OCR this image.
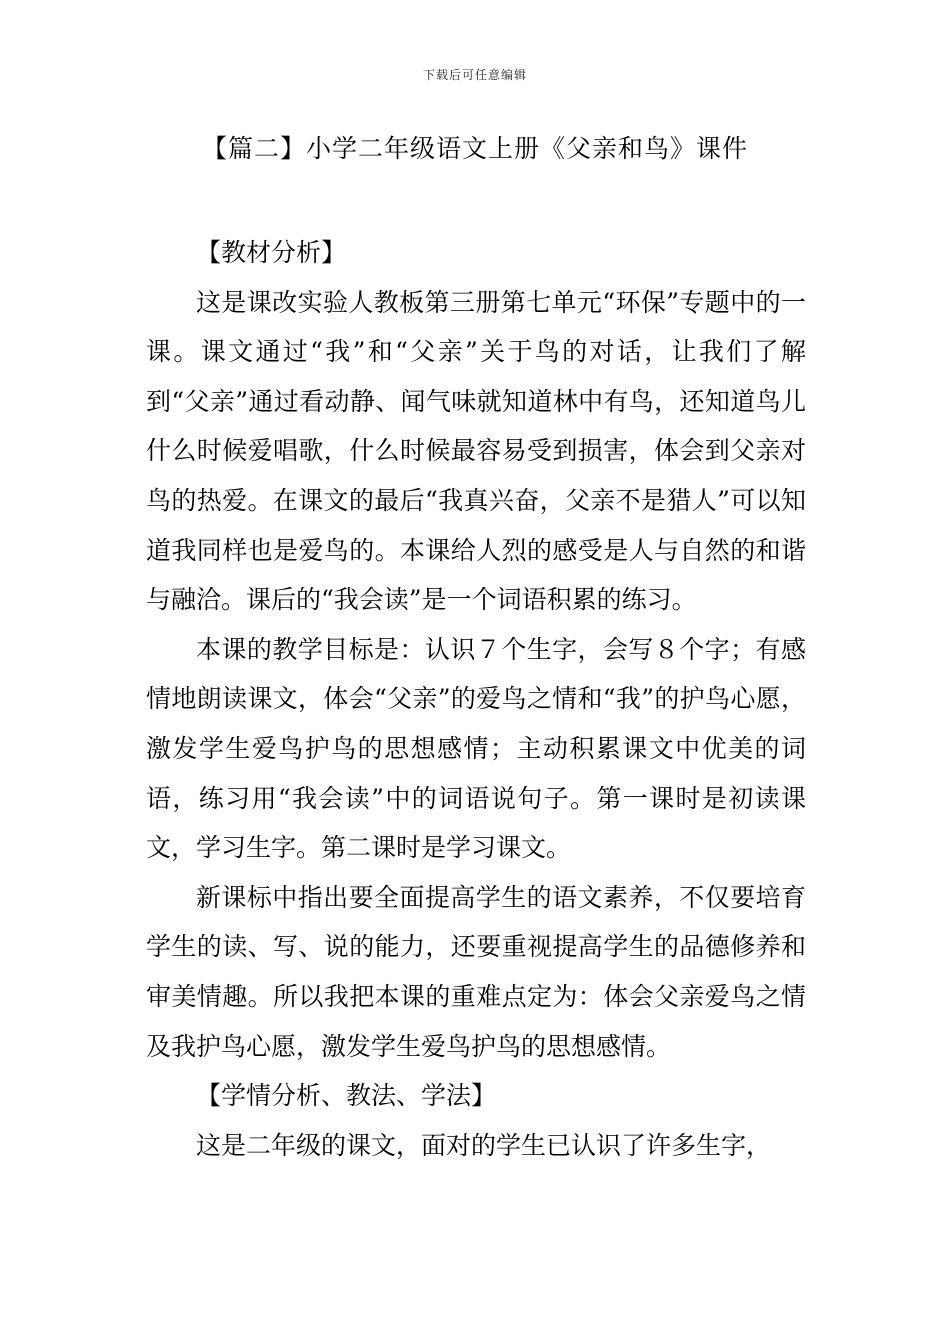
下载后可任意编辑
【篇二】小学二年级语文上册《父亲和鸟》课件

【教材分析】

这是课改实验人教板第三册第七单元“环保”专题中的一课。课文通过“我”和“父亲”关于鸟的对话，让我们了解到“父亲”通过看动静、闻气味就知道林中有鸟，还知道鸟儿什么时候爱唱歌，什么时候最容易受到损害，体会到父亲对鸟的热爱。在课文的最后“我真兴奋，父亲不是猎人”可以知道我同样也是爱鸟的。本课给人烈的感受是人与自然的和谐与融洽。课后的“我会读”是一个词语积累的练习。

本课的教学目标是：认识７个生字，会写８个字；有感情地朗读课文，体会“父亲”的爱鸟之情和“我”的护鸟心愿，激发学生爱鸟护鸟的思想感情；主动积累课文中优美的词语，练习用“我会读”中的词语说句子。第一课时是初读课文，学习生字。第二课时是学习课文。

新课标中指出要全面提高学生的语文素养，不仅要培育学生的读、写、说的能力，还要重视提高学生的品德修养和审美情趣。所以我把本课的重难点定为：体会父亲爱鸟之情及我护鸟心愿，激发学生爱鸟护鸟的思想感情。

【学情分析、教法、学法】

这是二年级的课文，面对的学生已认识了许多生字，
